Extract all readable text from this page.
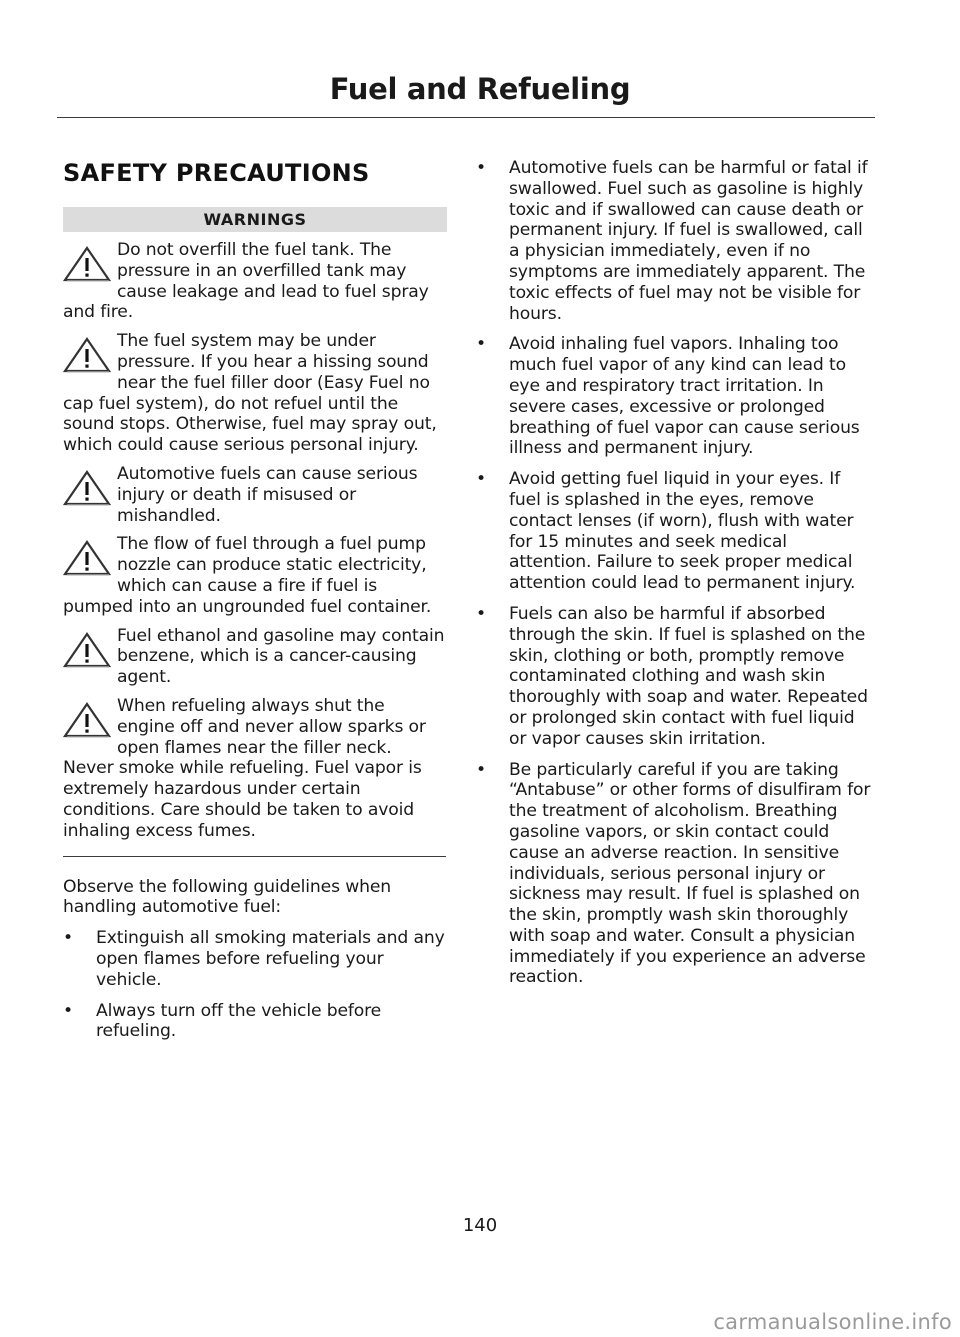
Fuel and Refueling
SAFETY PRECAUTIONS
WARNINGS
Do not overfill the fuel tank. The pressure in an overfilled tank may cause leakage and lead to fuel spray and fire.
The fuel system may be under pressure. If you hear a hissing sound near the fuel filler door (Easy Fuel no cap fuel system), do not refuel until the sound stops. Otherwise, fuel may spray out, which could cause serious personal injury.
Automotive fuels can cause serious injury or death if misused or mishandled.
The flow of fuel through a fuel pump nozzle can produce static electricity, which can cause a fire if fuel is pumped into an ungrounded fuel container.
Fuel ethanol and gasoline may contain benzene, which is a cancer-causing agent.
When refueling always shut the engine off and never allow sparks or open flames near the filler neck. Never smoke while refueling. Fuel vapor is extremely hazardous under certain conditions. Care should be taken to avoid inhaling excess fumes.
Observe the following guidelines when handling automotive fuel:
•	Extinguish all smoking materials and any open flames before refueling your vehicle.
•	Always turn off the vehicle before refueling.
•	Automotive fuels can be harmful or fatal if swallowed. Fuel such as gasoline is highly toxic and if swallowed can cause death or permanent injury. If fuel is swallowed, call a physician immediately, even if no symptoms are immediately apparent. The toxic effects of fuel may not be visible for hours.
•	Avoid inhaling fuel vapors. Inhaling too much fuel vapor of any kind can lead to eye and respiratory tract irritation. In severe cases, excessive or prolonged breathing of fuel vapor can cause serious illness and permanent injury.
•	Avoid getting fuel liquid in your eyes. If fuel is splashed in the eyes, remove contact lenses (if worn), flush with water for 15 minutes and seek medical attention. Failure to seek proper medical attention could lead to permanent injury.
•	Fuels can also be harmful if absorbed through the skin. If fuel is splashed on the skin, clothing or both, promptly remove contaminated clothing and wash skin thoroughly with soap and water. Repeated or prolonged skin contact with fuel liquid or vapor causes skin irritation.
•	Be particularly careful if you are taking “Antabuse” or other forms of disulfiram for the treatment of alcoholism. Breathing gasoline vapors, or skin contact could cause an adverse reaction. In sensitive individuals, serious personal injury or sickness may result. If fuel is splashed on the skin, promptly wash skin thoroughly with soap and water. Consult a physician immediately if you experience an adverse reaction.
140
carmanualsonline.info
